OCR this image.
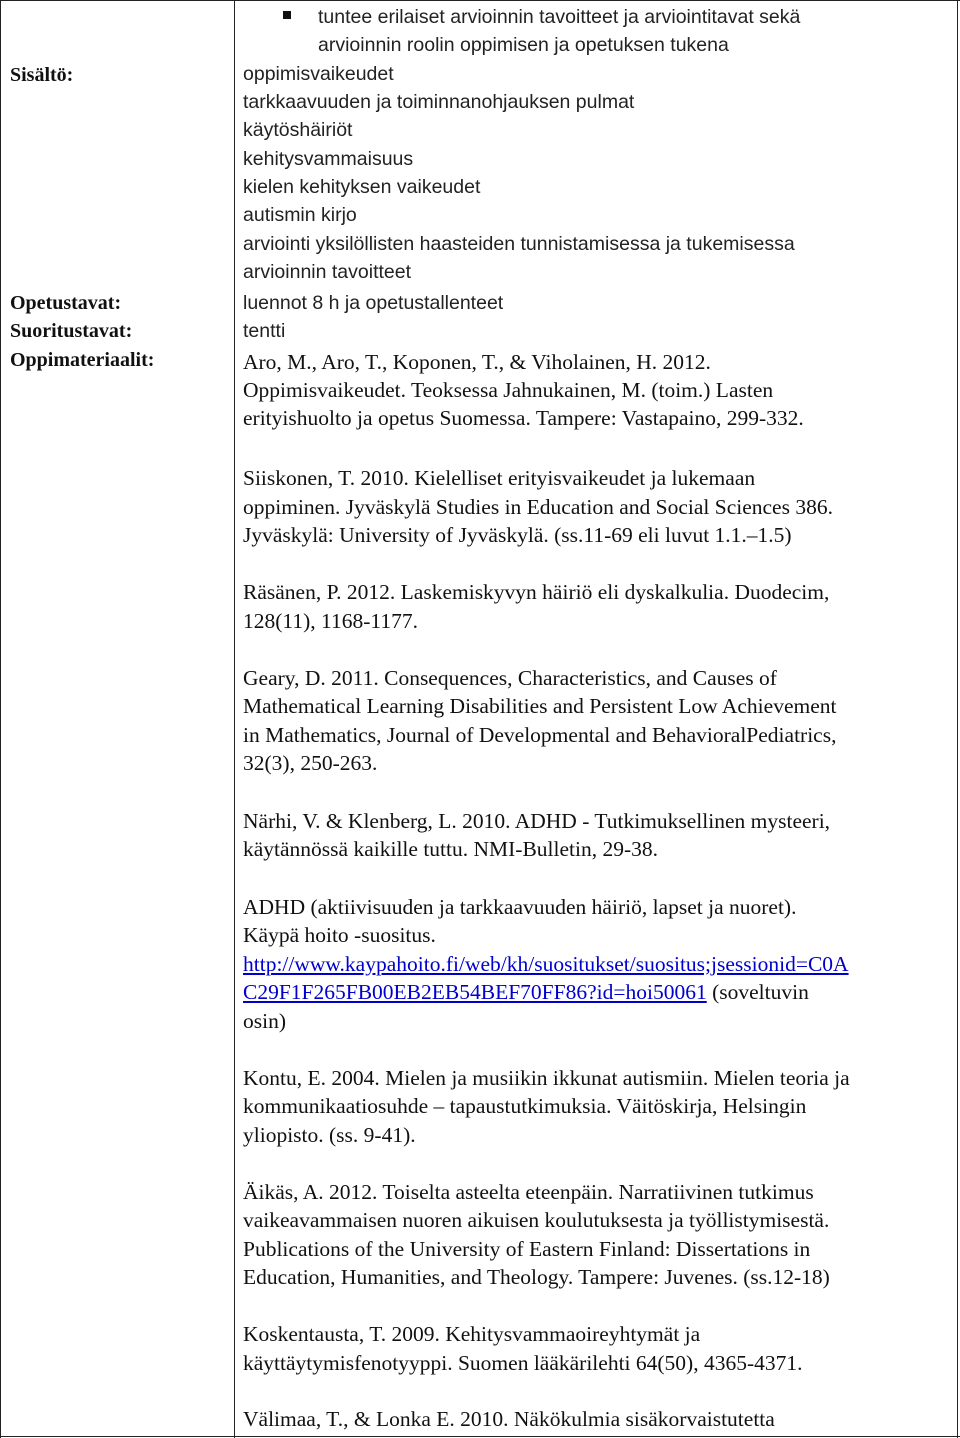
tuntee erilaiset arvioinnin tavoitteet ja arviointitavat sekä
arvioinnin roolin oppimisen ja opetuksen tukena
Sisältö:	oppimisvaikeudet
tarkkaavuuden ja toiminnanohjauksen pulmat
käytöshäiriöt
kehitysvammaisuus
kielen kehityksen vaikeudet
autismin kirjo
arviointi yksilöllisten haasteiden tunnistamisessa ja tukemisessa
arvioinnin tavoitteet
Opetustavat:	luennot 8 h ja opetustallenteet
Suoritustavat:	tentti
Oppimateriaalit:	Aro, M., Aro, T., Koponen, T., & Viholainen, H. 2012.
Oppimisvaikeudet. Teoksessa Jahnukainen, M. (toim.) Lasten
erityishuolto ja opetus Suomessa. Tampere: Vastapaino, 299-332.
Siiskonen, T. 2010. Kielelliset erityisvaikeudet ja lukemaan
oppiminen. Jyväskylä Studies in Education and Social Sciences 386.
Jyväskylä: University of Jyväskylä. (ss.11-69 eli luvut 1.1.–1.5)
Räsänen, P. 2012. Laskemiskyvyn häiriö eli dyskalkulia. Duodecim,
128(11), 1168-1177.
Geary, D. 2011. Consequences, Characteristics, and Causes of
Mathematical Learning Disabilities and Persistent Low Achievement
in Mathematics, Journal of Developmental and BehavioralPediatrics,
32(3), 250-263.
Närhi, V. & Klenberg, L. 2010. ADHD - Tutkimuksellinen mysteeri,
käytännössä kaikille tuttu. NMI-Bulletin, 29-38.
ADHD (aktiivisuuden ja tarkkaavuuden häiriö, lapset ja nuoret).
Käypä hoito -suositus.
http://www.kaypahoito.fi/web/kh/suositukset/suositus;jsessionid=C0A
C29F1F265FB00EB2EB54BEF70FF86?id=hoi50061 (soveltuvin
osin)
Kontu, E. 2004. Mielen ja musiikin ikkunat autismiin. Mielen teoria ja
kommunikaatiosuhde – tapaustutkimuksia. Väitöskirja, Helsingin
yliopisto. (ss. 9-41).
Äikäs, A. 2012. Toiselta asteelta eteenpäin. Narratiivinen tutkimus
vaikeavammaisen nuoren aikuisen koulutuksesta ja työllistymisestä.
Publications of the University of Eastern Finland: Dissertations in
Education, Humanities, and Theology. Tampere: Juvenes. (ss.12-18)
Koskentausta, T. 2009. Kehitysvammaoireyhtymät ja
käyttäytymisfenotyyppi. Suomen lääkärilehti 64(50), 4365-4371.
Välimaa, T., & Lonka E. 2010. Näkökulmia sisäkorvaistutetta
